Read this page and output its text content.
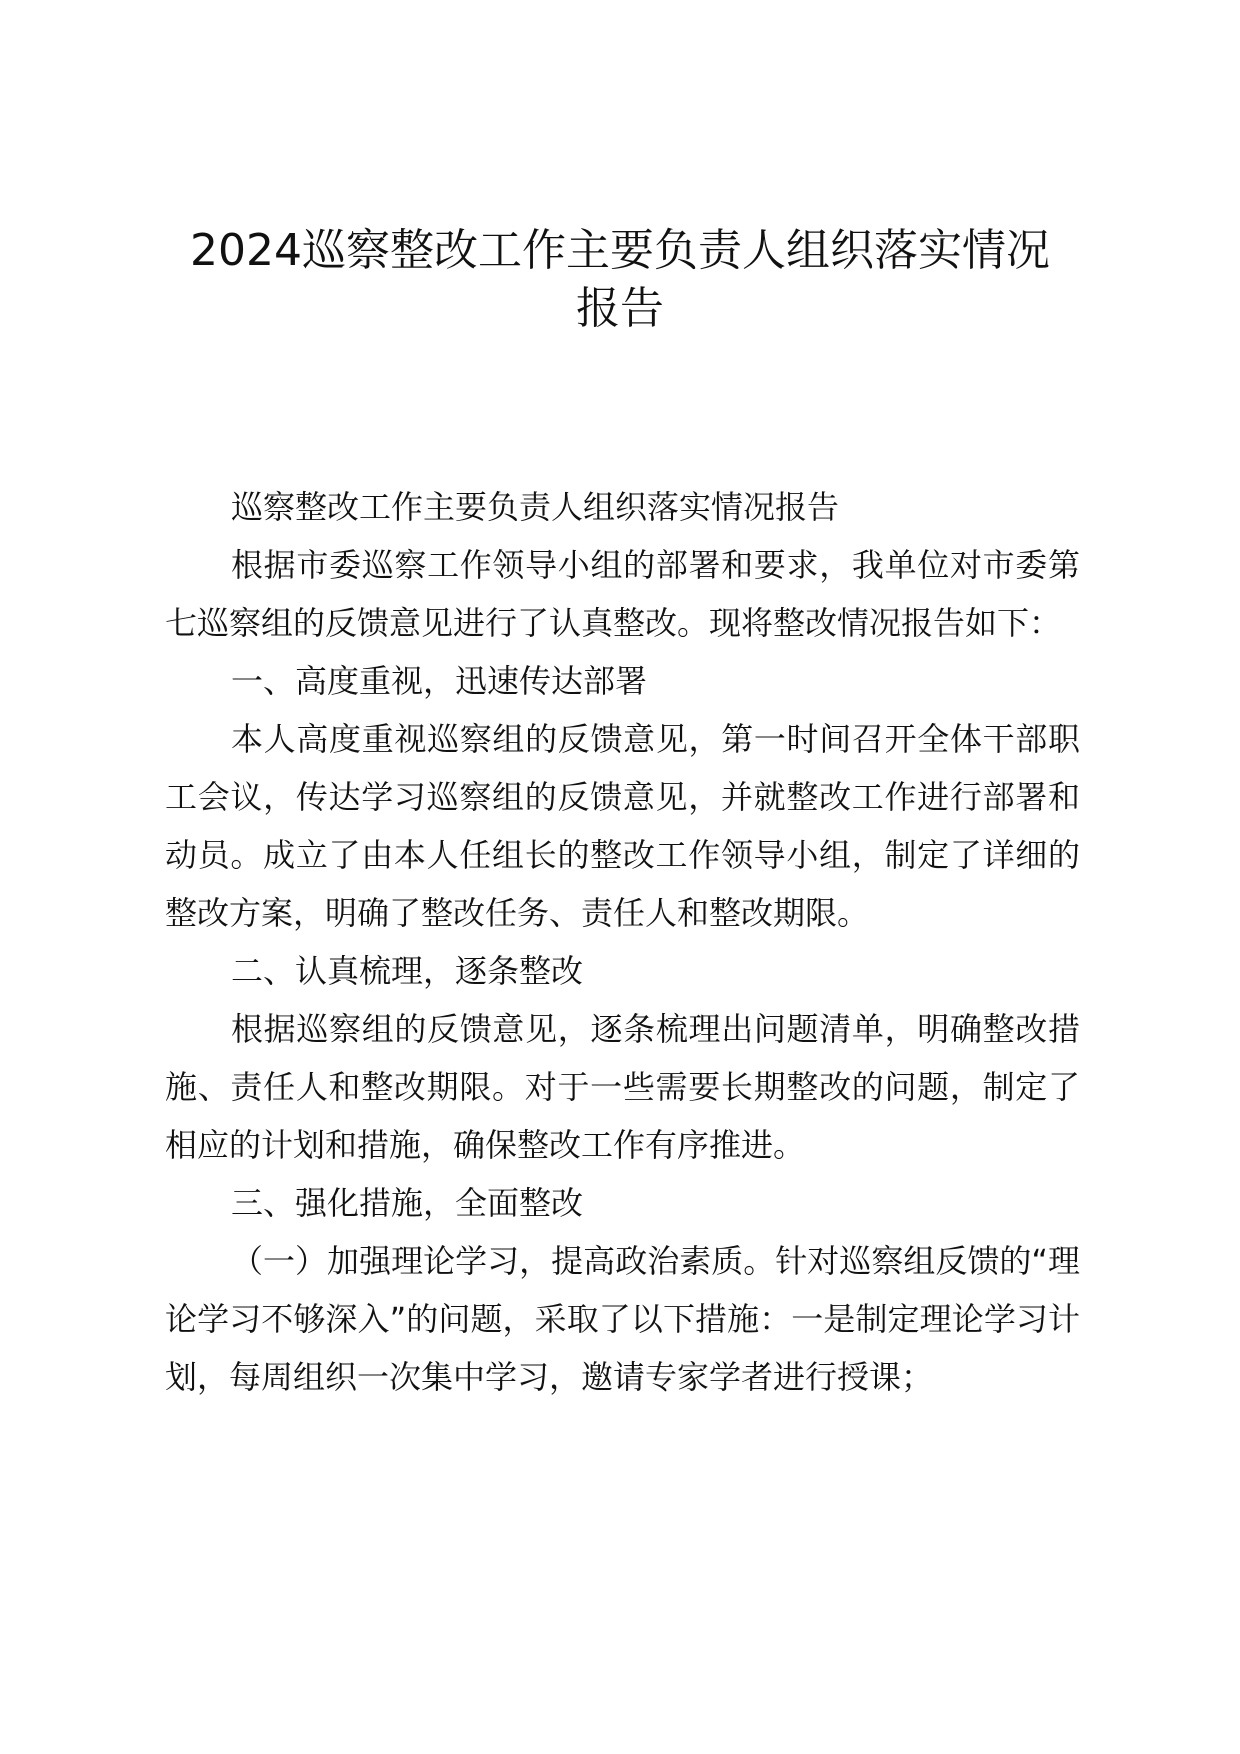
2024巡察整改工作主要负责人组织落实情况
报告

巡察整改工作主要负责人组织落实情况报告

根据市委巡察工作领导小组的部署和要求，我单位对市委第七巡察组的反馈意见进行了认真整改。现将整改情况报告如下：

一、高度重视，迅速传达部署

本人高度重视巡察组的反馈意见，第一时间召开全体干部职工会议，传达学习巡察组的反馈意见，并就整改工作进行部署和动员。成立了由本人任组长的整改工作领导小组，制定了详细的整改方案，明确了整改任务、责任人和整改期限。

二、认真梳理，逐条整改

根据巡察组的反馈意见，逐条梳理出问题清单，明确整改措施、责任人和整改期限。对于一些需要长期整改的问题，制定了相应的计划和措施，确保整改工作有序推进。

三、强化措施，全面整改

（一）加强理论学习，提高政治素质。针对巡察组反馈的“理论学习不够深入”的问题，采取了以下措施：一是制定理论学习计划，每周组织一次集中学习，邀请专家学者进行授课；
